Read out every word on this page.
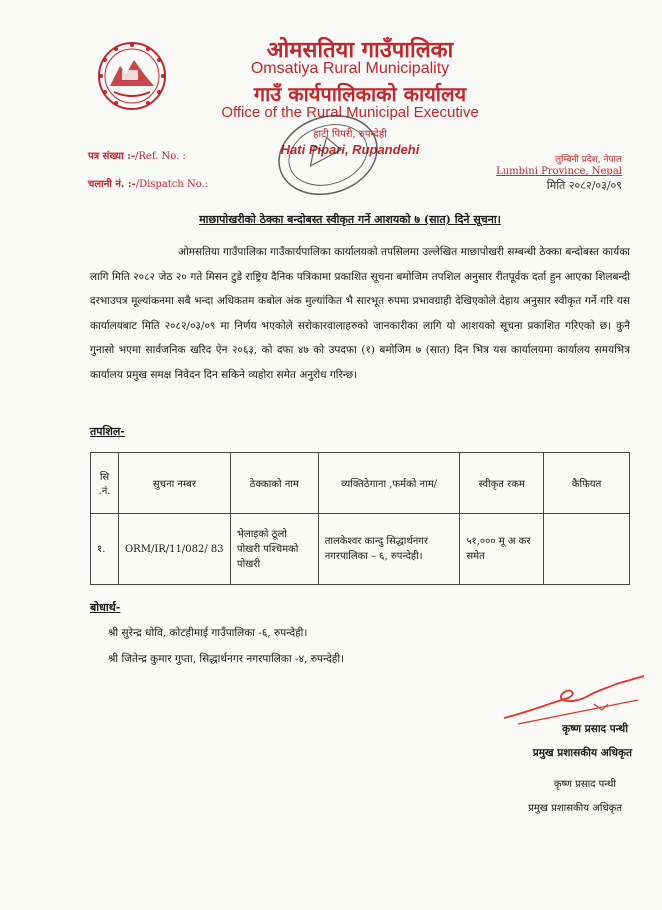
ओमसतिया गाउँपालिका
Omsatiya Rural Municipality
गाउँ कार्यपालिकाको कार्यालय
Office of the Rural Municipal Executive
हाटी पिपरी, रुपन्देही
Hati Pipari, Rupandehi
पत्र संख्या :-/Ref. No. :
चलानी नं. :-/Dispatch No.:
लुम्बिनी प्रदेश, नेपाल
Lumbini Province, Nepal
मिति २०८२/०३/०९
माछापोखरीको ठेक्का बन्दोबस्त स्वीकृत गर्ने आशयको ७ (सात) दिने सूचना।
ओमसतिया गाउँपालिका गाउँकार्यपालिका कार्यालयको तपसिलमा उल्लेखित माछापोखरी सम्बन्धी ठेक्का बन्दोबस्त कार्यका लागि मिति २०८२ जेठ २० गते मिसन टुडे राष्ट्रिय दैनिक पत्रिकामा प्रकाशित सूचना बमोजिम तपशिल अनुसार रीतपूर्वक दर्ता हुन आएका शिलबन्दी दरभाउपत्र मूल्यांकनमा सबै भन्दा अधिकतम कबोल अंक मुल्यांकित भै सारभूत रुपमा प्रभावग्राही देखिएकोले देहाय अनुसार स्वीकृत गर्ने गरि यस कार्यालयबाट मिति २०८२/०३/०९ मा निर्णय भएकोले सरोकारवालाहरुको जानकारीका लागि यो आशयको सूचना प्रकाशित गरिएको छ। कुनै गुनासो भएमा सार्वजनिक खरिद ऐन २०६३, को दफा ४७ को उपदफा (१) बमोजिम ७ (सात) दिन भित्र यस कार्यालयमा कार्यालय समयभित्र कार्यालय प्रमुख समक्ष निवेदन दिन सकिने व्यहोरा समेत अनुरोध गरिन्छ।
तपशिल-
सि .नं.	सुचना नम्बर	ठेक्काको नाम	व्यक्तिठेगाना ,फर्मको नाम/	स्वीकृत रकम	कैफियत
१.	ORM/IR/11/082/ 83	भेलाइको ठूलो पोखरी पश्चिमको पोखरी	तालकेश्वर कान्दु सिद्धार्थनगर नगरपालिका – ६, रुपन्देही।	५१,००० मू अ कर समेत	
बोधार्थ-
श्री सुरेन्द्र धोवि, कोटहीमाई गाउँपालिका -६, रुपन्देही।
श्री जितेन्द्र कुमार गुप्ता, सिद्धार्थनगर नगरपालिका -४, रुपन्देही।
कृष्ण प्रसाद पन्थी
प्रमुख प्रशासकीय अधिकृत
कृष्ण प्रसाद पन्थी
प्रमुख प्रशासकीय अधिकृत
